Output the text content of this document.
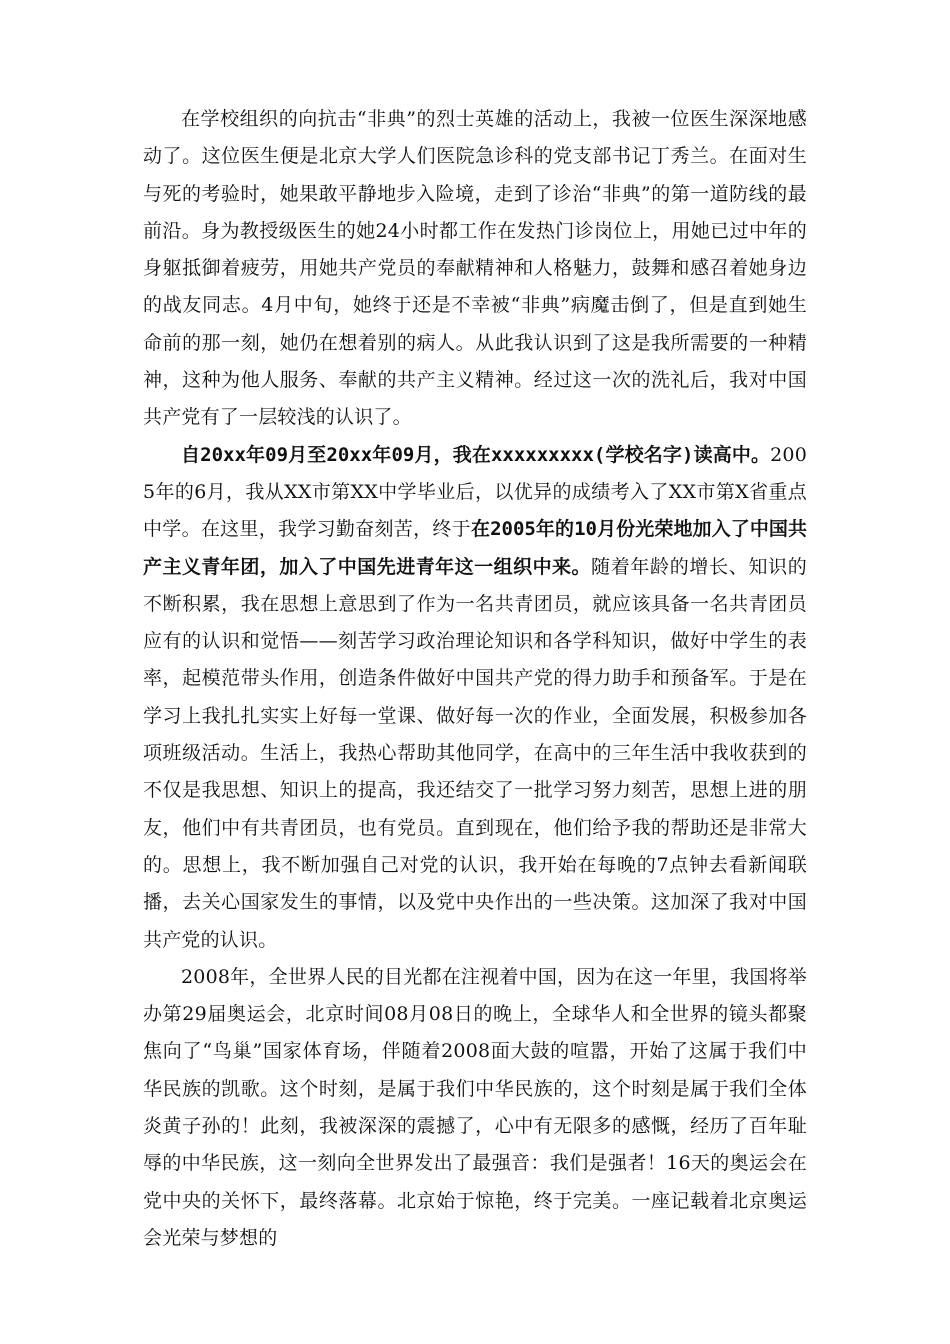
在学校组织的向抗击“非典”的烈士英雄的活动上，我被一位医生深深地感动了。这位医生便是北京大学人们医院急诊科的党支部书记丁秀兰。在面对生与死的考验时，她果敢平静地步入险境，走到了诊治“非典”的第一道防线的最前沿。身为教授级医生的她24小时都工作在发热门诊岗位上，用她已过中年的身躯抵御着疲劳，用她共产党员的奉献精神和人格魅力，鼓舞和感召着她身边的战友同志。4月中旬，她终于还是不幸被“非典”病魔击倒了，但是直到她生命前的那一刻，她仍在想着别的病人。从此我认识到了这是我所需要的一种精神，这种为他人服务、奉献的共产主义精神。经过这一次的洗礼后，我对中国共产党有了一层较浅的认识了。

自20xx年09月至20xx年09月，我在xxxxxxxxx(学校名字)读高中。2005年的6月，我从XX市第XX中学毕业后，以优异的成绩考入了XX市第X省重点中学。在这里，我学习勤奋刻苦，终于在2005年的10月份光荣地加入了中国共产主义青年团，加入了中国先进青年这一组织中来。随着年龄的增长、知识的不断积累，我在思想上意思到了作为一名共青团员，就应该具备一名共青团员应有的认识和觉悟——刻苦学习政治理论知识和各学科知识，做好中学生的表率，起模范带头作用，创造条件做好中国共产党的得力助手和预备军。于是在学习上我扎扎实实上好每一堂课、做好每一次的作业，全面发展，积极参加各项班级活动。生活上，我热心帮助其他同学，在高中的三年生活中我收获到的不仅是我思想、知识上的提高，我还结交了一批学习努力刻苦，思想上进的朋友，他们中有共青团员，也有党员。直到现在，他们给予我的帮助还是非常大的。思想上，我不断加强自己对党的认识，我开始在每晚的7点钟去看新闻联播，去关心国家发生的事情，以及党中央作出的一些决策。这加深了我对中国共产党的认识。

2008年，全世界人民的目光都在注视着中国，因为在这一年里，我国将举办第29届奥运会，北京时间08月08日的晚上，全球华人和全世界的镜头都聚焦向了“鸟巢”国家体育场，伴随着2008面大鼓的喧嚣，开始了这属于我们中华民族的凯歌。这个时刻，是属于我们中华民族的，这个时刻是属于我们全体炎黄子孙的！此刻，我被深深的震撼了，心中有无限多的感慨，经历了百年耻辱的中华民族，这一刻向全世界发出了最强音：我们是强者！16天的奥运会在党中央的关怀下，最终落幕。北京始于惊艳，终于完美。一座记载着北京奥运会光荣与梦想的
